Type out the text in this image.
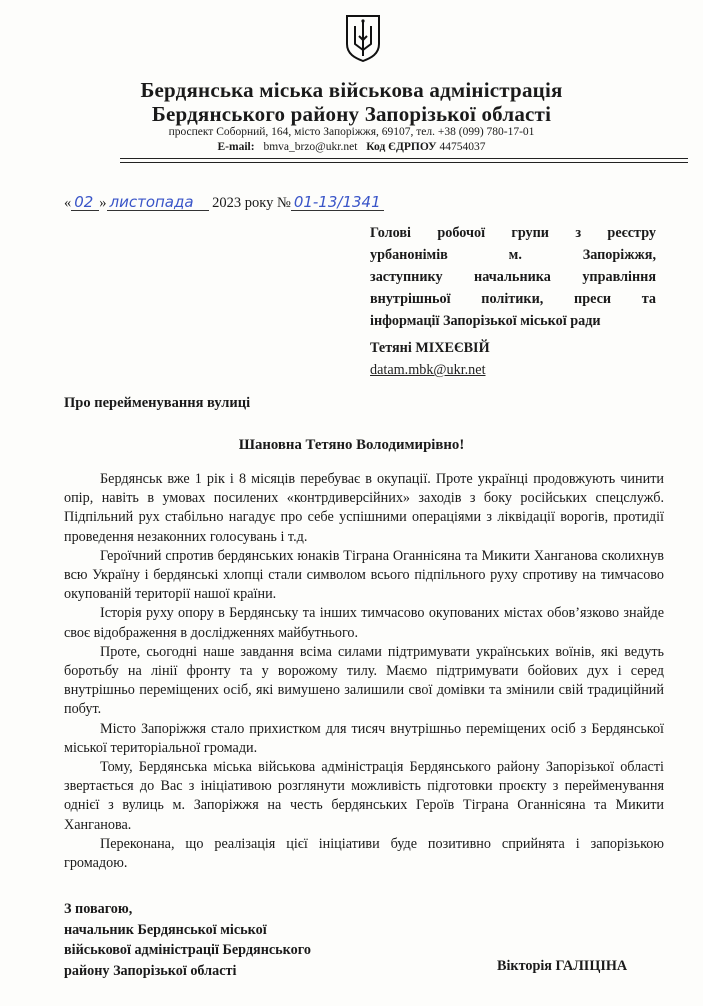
Бердянська міська військова адміністрація
Бердянського району Запорізької області
проспект Соборний, 164, місто Запоріжжя, 69107, тел. +38 (099) 780-17-01
E-mail: bmva_brzo@ukr.net Код ЄДРПОУ 44754037
« 02 » листопада 2023 року № 01-13/1341
Голові робочої групи з реєстру
урбанонімів м. Запоріжжя,
заступнику начальника управління
внутрішньої політики, преси та
інформації Запорізької міської ради
Тетяні МІХЕЄВІЙ
datam.mbk@ukr.net
Про перейменування вулиці
Шановна Тетяно Володимирівно!

Бердянськ вже 1 рік і 8 місяців перебуває в окупації. Проте українці продовжують чинити опір, навіть в умовах посилених «контрдиверсійних» заходів з боку російських спецслужб. Підпільний рух стабільно нагадує про себе успішними операціями з ліквідації ворогів, протидії проведення незаконних голосувань і т.д.

Героїчний спротив бердянських юнаків Тіграна Оганнісяна та Микити Ханганова сколихнув всю Україну і бердянські хлопці стали символом всього підпільного руху спротиву на тимчасово окупованій території нашої країни.

Історія руху опору в Бердянську та інших тимчасово окупованих містах обов’язково знайде своє відображення в дослідженнях майбутнього.

Проте, сьогодні наше завдання всіма силами підтримувати українських воїнів, які ведуть боротьбу на лінії фронту та у ворожому тилу. Маємо підтримувати бойових дух і серед внутрішньо переміщених осіб, які вимушено залишили свої домівки та змінили свій традиційний побут.

Місто Запоріжжя стало прихистком для тисяч внутрішньо переміщених осіб з Бердянської міської територіальної громади.

Тому, Бердянська міська військова адміністрація Бердянського району Запорізької області звертається до Вас з ініціативою розглянути можливість підготовки проєкту з перейменування однієї з вулиць м. Запоріжжя на честь бердянських Героїв Тіграна Оганнісяна та Микити Ханганова.

Переконана, що реалізація цієї ініціативи буде позитивно сприйнята і запорізькою громадою.

З повагою,
начальник Бердянської міської
військової адміністрації Бердянського
району Запорізької області	Вікторія ГАЛІЦІНА
